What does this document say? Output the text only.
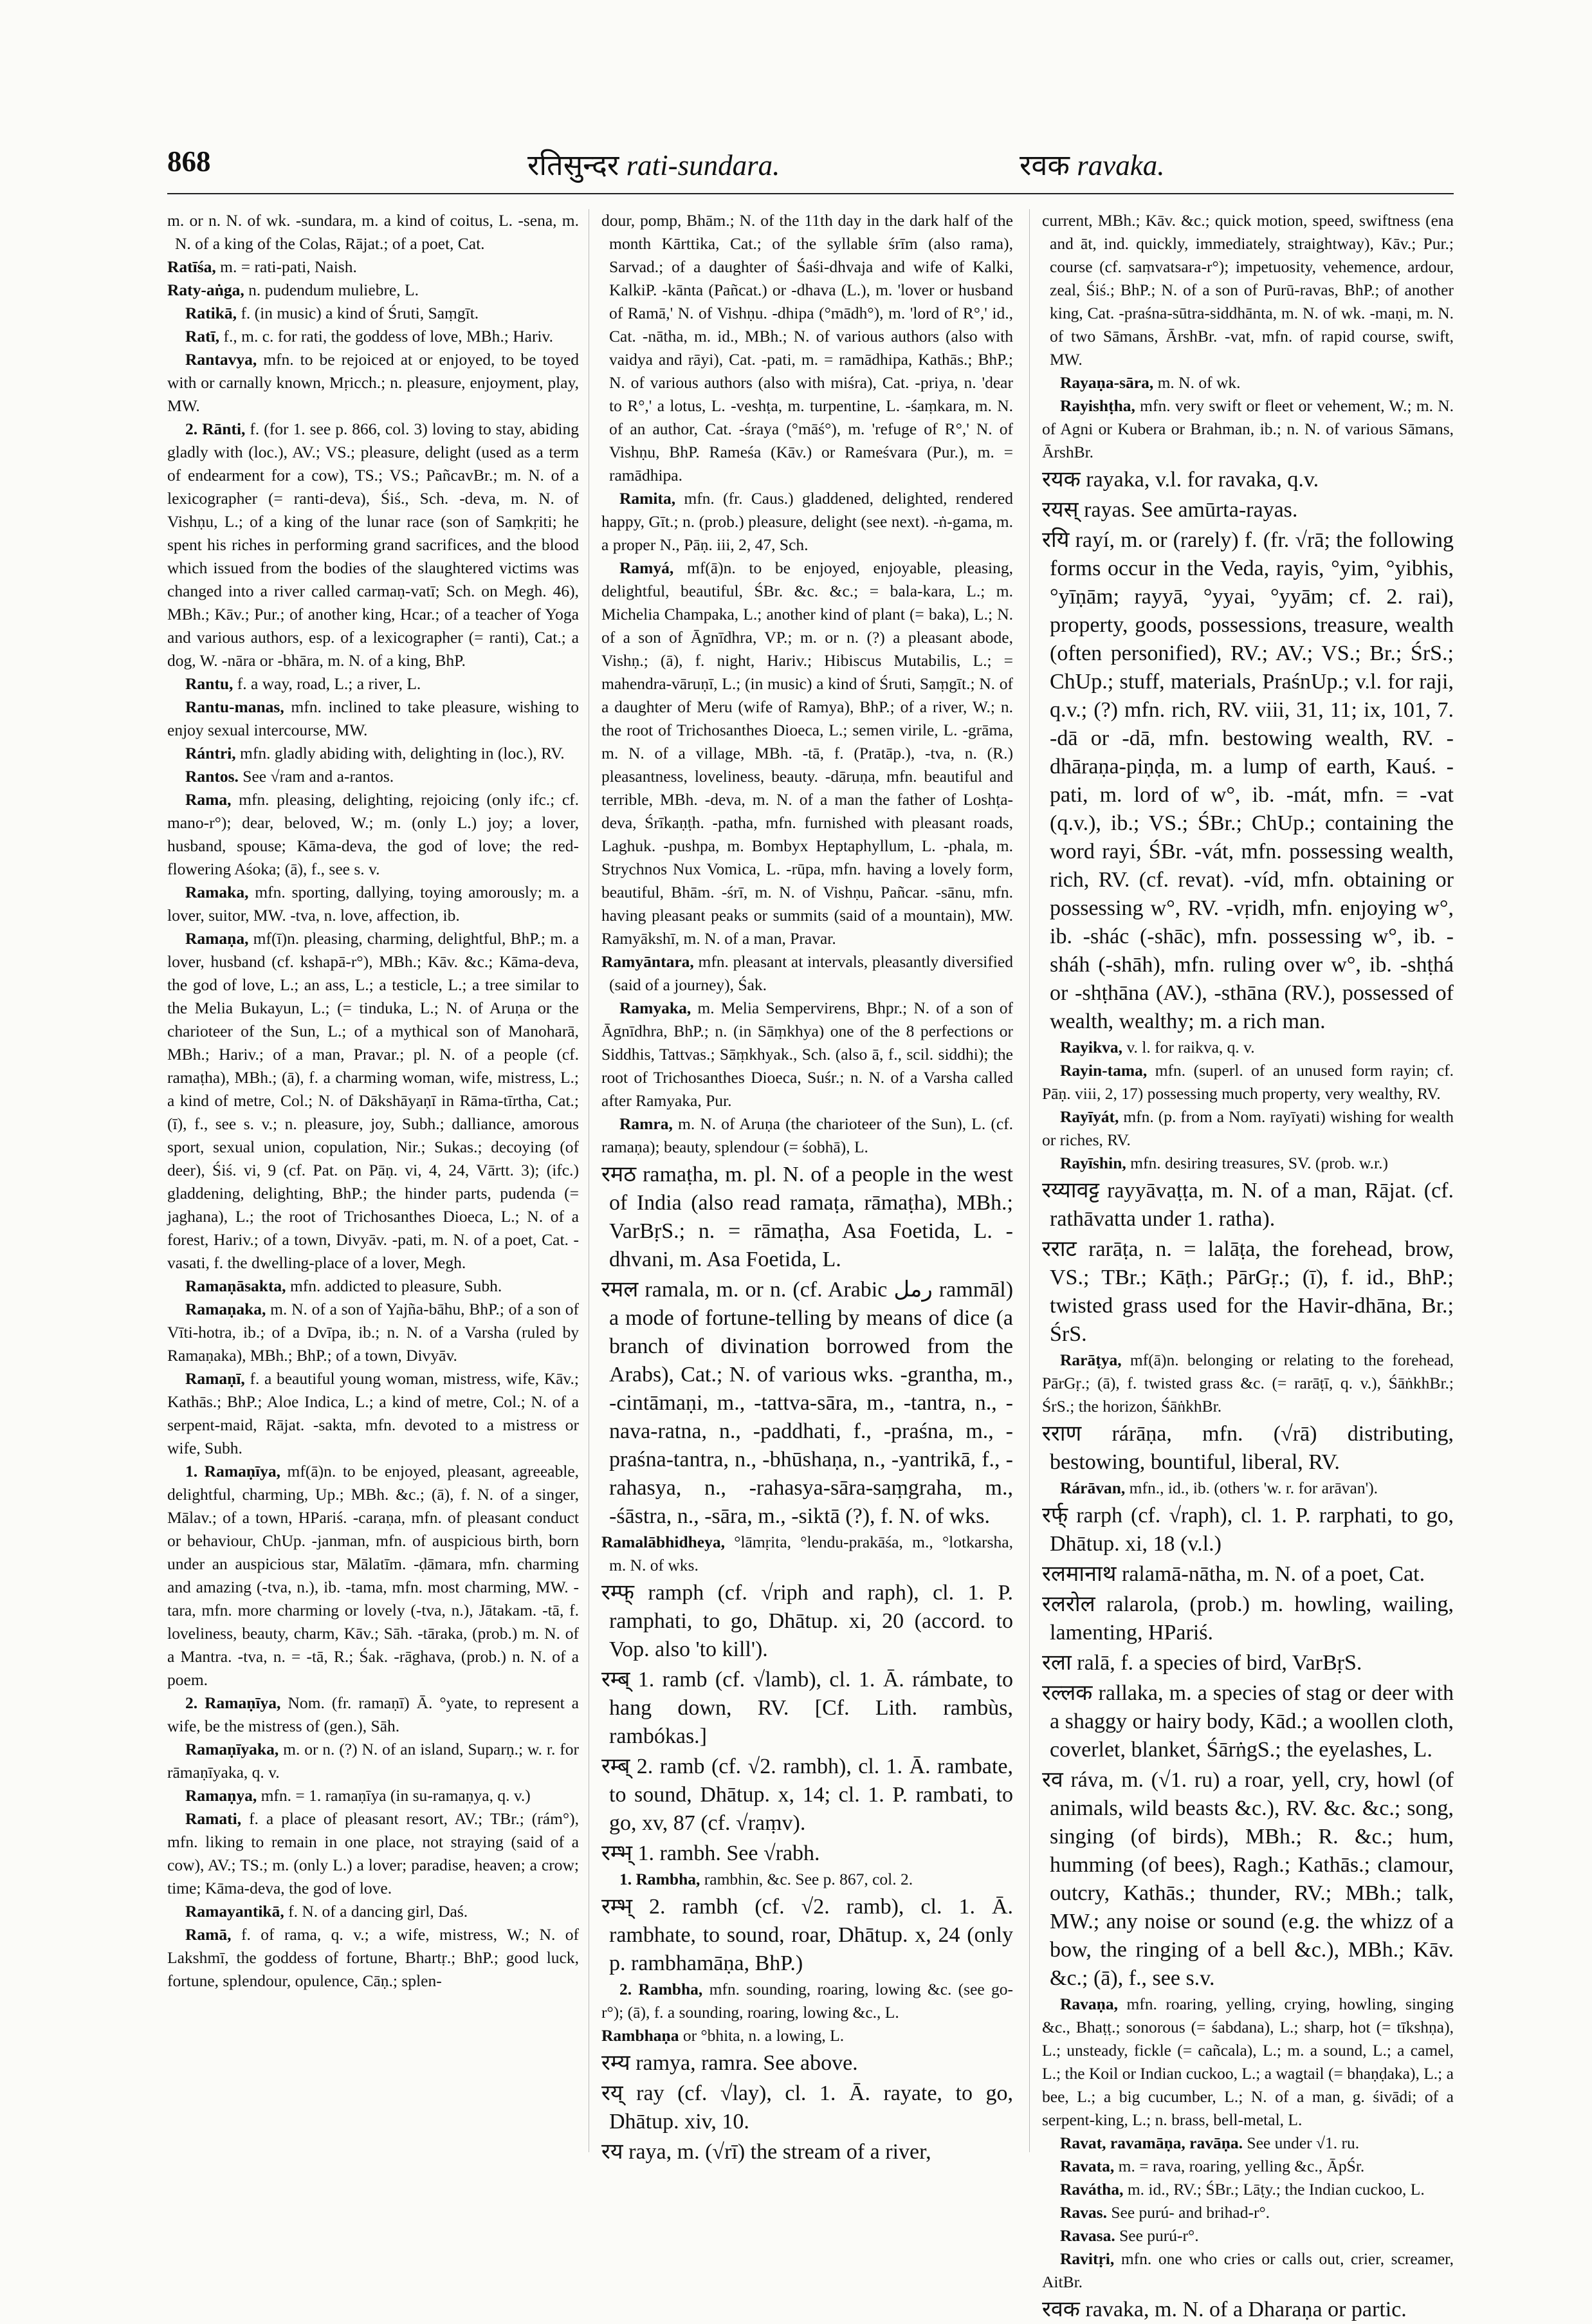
868	रतिसुन्दर rati-sundara.	रवक ravaka.

m. or n. N. of wk. -sundara, m. a kind of coitus, L. -sena, m. N. of a king of the Colas, Rājat.; of a poet, Cat.

Ratīśa, m. = rati-pati, Naish.

Raty-aṅga, n. pudendum muliebre, L.

Ratikā, f. (in music) a kind of Śruti, Saṃgīt.

Ratī, f., m. c. for rati, the goddess of love, MBh.; Hariv.

Rantavya, mfn. to be rejoiced at or enjoyed, to be toyed with or carnally known, Mṛicch.; n. pleasure, enjoyment, play, MW.

2. Rānti, f. (for 1. see p. 866, col. 3) loving to stay, abiding gladly with (loc.), AV.; VS.; pleasure, delight (used as a term of endearment for a cow), TS.; VS.; PañcavBr.; m. N. of a lexicographer (= ranti-deva), Śiś., Sch. -deva, m. N. of Vishṇu, L.; of a king of the lunar race (son of Saṃkṛiti; he spent his riches in performing grand sacrifices, and the blood which issued from the bodies of the slaughtered victims was changed into a river called carmaṇ-vatī; Sch. on Megh. 46), MBh.; Kāv.; Pur.; of another king, Hcar.; of a teacher of Yoga and various authors, esp. of a lexicographer (= ranti), Cat.; a dog, W. -nāra or -bhāra, m. N. of a king, BhP.

Rantu, f. a way, road, L.; a river, L.

Rantu-manas, mfn. inclined to take pleasure, wishing to enjoy sexual intercourse, MW.

Rántri, mfn. gladly abiding with, delighting in (loc.), RV.

Rantos. See √ram and a-rantos.

Rama, mfn. pleasing, delighting, rejoicing (only ifc.; cf. mano-r°); dear, beloved, W.; m. (only L.) joy; a lover, husband, spouse; Kāma-deva, the god of love; the red-flowering Aśoka; (ā), f., see s. v.

Ramaka, mfn. sporting, dallying, toying amorously; m. a lover, suitor, MW. -tva, n. love, affection, ib.

Ramaṇa, mf(ī)n. pleasing, charming, delightful, BhP.; m. a lover, husband (cf. kshapā-r°), MBh.; Kāv. &c.; Kāma-deva, the god of love, L.; an ass, L.; a testicle, L.; a tree similar to the Melia Bukayun, L.; (= tinduka, L.; N. of Aruṇa or the charioteer of the Sun, L.; of a mythical son of Manoharā, MBh.; Hariv.; of a man, Pravar.; pl. N. of a people (cf. ramaṭha), MBh.; (ā), f. a charming woman, wife, mistress, L.; a kind of metre, Col.; N. of Dākshāyaṇī in Rāma-tīrtha, Cat.; (ī), f., see s. v.; n. pleasure, joy, Subh.; dalliance, amorous sport, sexual union, copulation, Nir.; Sukas.; decoying (of deer), Śiś. vi, 9 (cf. Pat. on Pāṇ. vi, 4, 24, Vārtt. 3); (ifc.) gladdening, delighting, BhP.; the hinder parts, pudenda (= jaghana), L.; the root of Trichosanthes Dioeca, L.; N. of a forest, Hariv.; of a town, Divyāv. -pati, m. N. of a poet, Cat. -vasati, f. the dwelling-place of a lover, Megh.

Ramaṇāsakta, mfn. addicted to pleasure, Subh.

Ramaṇaka, m. N. of a son of Yajña-bāhu, BhP.; of a son of Vīti-hotra, ib.; of a Dvīpa, ib.; n. N. of a Varsha (ruled by Ramaṇaka), MBh.; BhP.; of a town, Divyāv.

Ramaṇī, f. a beautiful young woman, mistress, wife, Kāv.; Kathās.; BhP.; Aloe Indica, L.; a kind of metre, Col.; N. of a serpent-maid, Rājat. -sakta, mfn. devoted to a mistress or wife, Subh.

1. Ramaṇīya, mf(ā)n. to be enjoyed, pleasant, agreeable, delightful, charming, Up.; MBh. &c.; (ā), f. N. of a singer, Mālav.; of a town, HPariś. -caraṇa, mfn. of pleasant conduct or behaviour, ChUp. -janman, mfn. of auspicious birth, born under an auspicious star, Mālatīm. -ḍāmara, mfn. charming and amazing (-tva, n.), ib. -tama, mfn. most charming, MW. -tara, mfn. more charming or lovely (-tva, n.), Jātakam. -tā, f. loveliness, beauty, charm, Kāv.; Sāh. -tāraka, (prob.) m. N. of a Mantra. -tva, n. = -tā, R.; Śak. -rāghava, (prob.) n. N. of a poem.

2. Ramaṇīya, Nom. (fr. ramaṇī) Ā. °yate, to represent a wife, be the mistress of (gen.), Sāh.

Ramaṇīyaka, m. or n. (?) N. of an island, Suparṇ.; w. r. for rāmaṇīyaka, q. v.

Ramaṇya, mfn. = 1. ramaṇīya (in su-ramaṇya, q. v.)

Ramati, f. a place of pleasant resort, AV.; TBr.; (rám°), mfn. liking to remain in one place, not straying (said of a cow), AV.; TS.; m. (only L.) a lover; paradise, heaven; a crow; time; Kāma-deva, the god of love.

Ramayantikā, f. N. of a dancing girl, Daś.

Ramā, f. of rama, q. v.; a wife, mistress, W.; N. of Lakshmī, the goddess of fortune, Bhartṛ.; BhP.; good luck, fortune, splendour, opulence, Cāṇ.; splen-

dour, pomp, Bhām.; N. of the 11th day in the dark half of the month Kārttika, Cat.; of the syllable śrīm (also rama), Sarvad.; of a daughter of Śaśi-dhvaja and wife of Kalki, KalkiP. -kānta (Pañcat.) or -dhava (L.), m. 'lover or husband of Ramā,' N. of Vishṇu. -dhipa (°mādh°), m. 'lord of R°,' id., Cat. -nātha, m. id., MBh.; N. of various authors (also with vaidya and rāyi), Cat. -pati, m. = ramādhipa, Kathās.; BhP.; N. of various authors (also with miśra), Cat. -priya, n. 'dear to R°,' a lotus, L. -veshṭa, m. turpentine, L. -śaṃkara, m. N. of an author, Cat. -śraya (°māś°), m. 'refuge of R°,' N. of Vishṇu, BhP. Rameśa (Kāv.) or Rameśvara (Pur.), m. = ramādhipa.

Ramita, mfn. (fr. Caus.) gladdened, delighted, rendered happy, Gīt.; n. (prob.) pleasure, delight (see next). -ṅ-gama, m. a proper N., Pāṇ. iii, 2, 47, Sch.

Ramyá, mf(ā)n. to be enjoyed, enjoyable, pleasing, delightful, beautiful, ŚBr. &c. &c.; = bala-kara, L.; m. Michelia Champaka, L.; another kind of plant (= baka), L.; N. of a son of Āgnīdhra, VP.; m. or n. (?) a pleasant abode, Vishṇ.; (ā), f. night, Hariv.; Hibiscus Mutabilis, L.; = mahendra-vāruṇī, L.; (in music) a kind of Śruti, Saṃgīt.; N. of a daughter of Meru (wife of Ramya), BhP.; of a river, W.; n. the root of Trichosanthes Dioeca, L.; semen virile, L. -grāma, m. N. of a village, MBh. -tā, f. (Pratāp.), -tva, n. (R.) pleasantness, loveliness, beauty. -dāruṇa, mfn. beautiful and terrible, MBh. -deva, m. N. of a man the father of Loshṭa-deva, Śrīkaṇṭh. -patha, mfn. furnished with pleasant roads, Laghuk. -pushpa, m. Bombyx Heptaphyllum, L. -phala, m. Strychnos Nux Vomica, L. -rūpa, mfn. having a lovely form, beautiful, Bhām. -śrī, m. N. of Vishṇu, Pañcar. -sānu, mfn. having pleasant peaks or summits (said of a mountain), MW. Ramyākshī, m. N. of a man, Pravar.

Ramyāntara, mfn. pleasant at intervals, pleasantly diversified (said of a journey), Śak.

Ramyaka, m. Melia Sempervirens, Bhpr.; N. of a son of Āgnīdhra, BhP.; n. (in Sāṃkhya) one of the 8 perfections or Siddhis, Tattvas.; Sāṃkhyak., Sch. (also ā, f., scil. siddhi); the root of Trichosanthes Dioeca, Suśr.; n. N. of a Varsha called after Ramyaka, Pur.

Ramra, m. N. of Aruṇa (the charioteer of the Sun), L. (cf. ramaṇa); beauty, splendour (= śobhā), L.

रमठ ramaṭha, m. pl. N. of a people in the west of India (also read ramaṭa, rāmaṭha), MBh.; VarBṛS.; n. = rāmaṭha, Asa Foetida, L. -dhvani, m. Asa Foetida, L.

रमल ramala, m. or n. (cf. Arabic رمل rammāl) a mode of fortune-telling by means of dice (a branch of divination borrowed from the Arabs), Cat.; N. of various wks. -grantha, m., -cintāmaṇi, m., -tattva-sāra, m., -tantra, n., -nava-ratna, n., -paddhati, f., -praśna, m., -praśna-tantra, n., -bhūshaṇa, n., -yantrikā, f., -rahasya, n., -rahasya-sāra-saṃgraha, m., -śāstra, n., -sāra, m., -siktā (?), f. N. of wks.

Ramalābhidheya, °lāmṛita, °lendu-prakāśa, m., °lotkarsha, m. N. of wks.

रम्फ् ramph (cf. √riph and raph), cl. 1. P. ramphati, to go, Dhātup. xi, 20 (accord. to Vop. also 'to kill').

रम्ब् 1. ramb (cf. √lamb), cl. 1. Ā. rámbate, to hang down, RV. [Cf. Lith. rambùs, rambókas.]

रम्ब् 2. ramb (cf. √2. rambh), cl. 1. Ā. rambate, to sound, Dhātup. x, 14; cl. 1. P. rambati, to go, xv, 87 (cf. √raṃv).

रम्भ् 1. rambh. See √rabh.

1. Rambha, rambhin, &c. See p. 867, col. 2.

रम्भ् 2. rambh (cf. √2. ramb), cl. 1. Ā. rambhate, to sound, roar, Dhātup. x, 24 (only p. rambhamāṇa, BhP.)

2. Rambha, mfn. sounding, roaring, lowing &c. (see go-r°); (ā), f. a sounding, roaring, lowing &c., L.

Rambhaṇa or °bhita, n. a lowing, L.

रम्य ramya, ramra. See above.

रय् ray (cf. √lay), cl. 1. Ā. rayate, to go, Dhātup. xiv, 10.

रय raya, m. (√rī) the stream of a river,

current, MBh.; Kāv. &c.; quick motion, speed, swiftness (ena and āt, ind. quickly, immediately, straightway), Kāv.; Pur.; course (cf. saṃvatsara-r°); impetuosity, vehemence, ardour, zeal, Śiś.; BhP.; N. of a son of Purū-ravas, BhP.; of another king, Cat. -praśna-sūtra-siddhānta, m. N. of wk. -maṇi, m. N. of two Sāmans, ĀrshBr. -vat, mfn. of rapid course, swift, MW.

Rayaṇa-sāra, m. N. of wk.

Rayishṭha, mfn. very swift or fleet or vehement, W.; m. N. of Agni or Kubera or Brahman, ib.; n. N. of various Sāmans, ĀrshBr.

रयक rayaka, v.l. for ravaka, q.v.

रयस् rayas. See amūrta-rayas.

रयि rayí, m. or (rarely) f. (fr. √rā; the following forms occur in the Veda, rayis, °yim, °yibhis, °yīṇām; rayyā, °yyai, °yyām; cf. 2. rai), property, goods, possessions, treasure, wealth (often personified), RV.; AV.; VS.; Br.; ŚrS.; ChUp.; stuff, materials, PraśnUp.; v.l. for raji, q.v.; (?) mfn. rich, RV. viii, 31, 11; ix, 101, 7. -dā or -dā, mfn. bestowing wealth, RV. -dhāraṇa-piṇḍa, m. a lump of earth, Kauś. -pati, m. lord of w°, ib. -mát, mfn. = -vat (q.v.), ib.; VS.; ŚBr.; ChUp.; containing the word rayi, ŚBr. -vát, mfn. possessing wealth, rich, RV. (cf. revat). -víd, mfn. obtaining or possessing w°, RV. -vṛidh, mfn. enjoying w°, ib. -shác (-shāc), mfn. possessing w°, ib. -sháh (-shāh), mfn. ruling over w°, ib. -shṭhá or -shṭhāna (AV.), -sthāna (RV.), possessed of wealth, wealthy; m. a rich man.

Rayikva, v. l. for raikva, q. v.

Rayin-tama, mfn. (superl. of an unused form rayin; cf. Pāṇ. viii, 2, 17) possessing much property, very wealthy, RV.

Rayīyát, mfn. (p. from a Nom. rayīyati) wishing for wealth or riches, RV.

Rayīshin, mfn. desiring treasures, SV. (prob. w.r.)

रय्यावट्ट rayyāvaṭṭa, m. N. of a man, Rājat. (cf. rathāvatta under 1. ratha).

रराट rarāṭa, n. = lalāṭa, the forehead, brow, VS.; TBr.; Kāṭh.; PārGṛ.; (ī), f. id., BhP.; twisted grass used for the Havir-dhāna, Br.; ŚrS.

Rarāṭya, mf(ā)n. belonging or relating to the forehead, PārGṛ.; (ā), f. twisted grass &c. (= rarāṭī, q. v.), ŚāṅkhBr.; ŚrS.; the horizon, ŚāṅkhBr.

रराण rárāṇa, mfn. (√rā) distributing, bestowing, bountiful, liberal, RV.

Rárāvan, mfn., id., ib. (others 'w. r. for arāvan').

रर्फ् rarph (cf. √raph), cl. 1. P. rarphati, to go, Dhātup. xi, 18 (v.l.)

रलमानाथ ralamā-nātha, m. N. of a poet, Cat.

रलरोल ralarola, (prob.) m. howling, wailing, lamenting, HPariś.

रला ralā, f. a species of bird, VarBṛS.

रल्लक rallaka, m. a species of stag or deer with a shaggy or hairy body, Kād.; a woollen cloth, coverlet, blanket, ŚārṅgS.; the eyelashes, L.

रव ráva, m. (√1. ru) a roar, yell, cry, howl (of animals, wild beasts &c.), RV. &c. &c.; song, singing (of birds), MBh.; R. &c.; hum, humming (of bees), Ragh.; Kathās.; clamour, outcry, Kathās.; thunder, RV.; MBh.; talk, MW.; any noise or sound (e.g. the whizz of a bow, the ringing of a bell &c.), MBh.; Kāv. &c.; (ā), f., see s.v.

Ravaṇa, mfn. roaring, yelling, crying, howling, singing &c., Bhaṭṭ.; sonorous (= śabdana), L.; sharp, hot (= tīkshṇa), L.; unsteady, fickle (= cañcala), L.; m. a sound, L.; a camel, L.; the Koil or Indian cuckoo, L.; a wagtail (= bhaṇḍaka), L.; a bee, L.; a big cucumber, L.; N. of a man, g. śivādi; of a serpent-king, L.; n. brass, bell-metal, L.

Ravat, ravamāṇa, ravāṇa. See under √1. ru.

Ravata, m. = rava, roaring, yelling &c., ĀpŚr.

Ravátha, m. id., RV.; ŚBr.; Lāṭy.; the Indian cuckoo, L.

Ravas. See purú- and brihad-r°.

Ravasa. See purú-r°.

Ravitṛi, mfn. one who cries or calls out, crier, screamer, AitBr.

रवक ravaka, m. N. of a Dharaṇa or partic.
